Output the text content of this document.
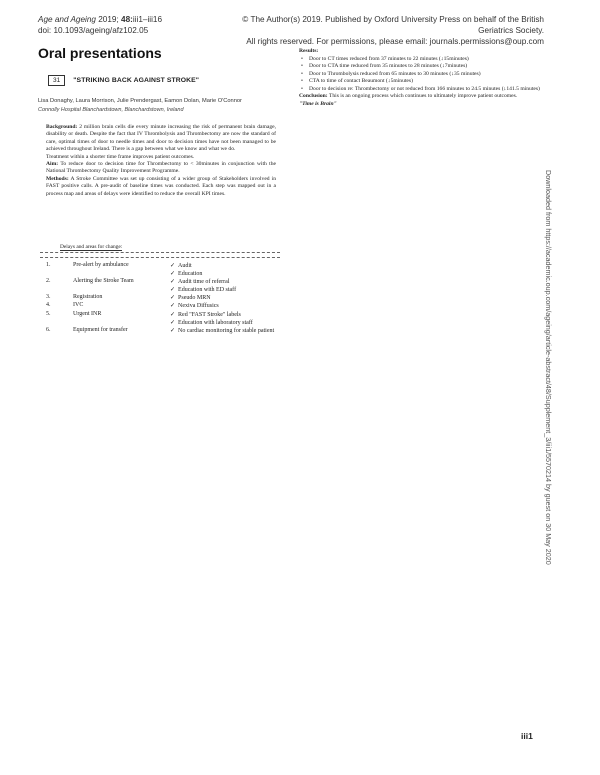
Age and Ageing 2019; 48:iii1–iii16
doi: 10.1093/ageing/afz102.05
© The Author(s) 2019. Published by Oxford University Press on behalf of the British Geriatrics Society.
All rights reserved. For permissions, please email: journals.permissions@oup.com
Oral presentations
31	"STRIKING BACK AGAINST STROKE"
Lisa Donaghy, Laura Morrison, Julie Prendergast, Eamon Dolan, Marie O'Connor
Connolly Hospital Blanchardstown, Blanchardstown, Ireland

Background: 2 million brain cells die every minute increasing the risk of permanent brain damage, disability or death. Despite the fact that IV Thrombolysis and Thrombectomy are now the standard of care, optimal times of door to needle times and door to decision times have not been managed to be achieved throughout Ireland. There is a gap between what we know and what we do.

Treatment within a shorter time frame improves patient outcomes.

Aim: To reduce door to decision time for Thrombectomy to < 30minutes in conjunction with the National Thrombectomy Quality Improvement Programme.

Methods: A Stroke Committee was set up consisting of a wider group of Stakeholders involved in FAST positive calls. A pre-audit of baseline times was conducted. Each step was mapped out in a process map and areas of delays were identified to reduce the overall KPI times.

Delays and areas for change:
1.	Pre-alert by ambulance	✓ Audit
✓ Education
2.	Alerting the Stroke Team	✓ Audit time of referral
✓ Education with ED staff
3.	Registration	✓ Pseudo MRN
4.	IVC	✓ Nexiva Diffusics
5.	Urgent INR	✓ Red "FAST Stroke" labels
✓ Education with laboratory staff
6.	Equipment for transfer	✓ No cardiac monitoring for stable patient

Results:

• Door to CT times reduced from 37 minutes to 22 minutes (↓15minutes)
• Door to CTA time reduced from 35 minutes to 28 minutes (↓7minutes)
• Door to Thrombolysis reduced from 65 minutes to 30 minutes (↓35 minutes)
• CTA to time of contact Beaumont (↓5minutes)
• Door to decision re: Thrombectomy or not reduced from 166 minutes to 24.5 minutes (↓141.5 minutes)

Conclusion: This is an ongoing process which continues to ultimately improve patient outcomes.

"Time is Brain"

Downloaded from https://academic.oup.com/ageing/article-abstract/48/Supplement_3/iii1/5570214 by guest on 30 May 2020
iii1
